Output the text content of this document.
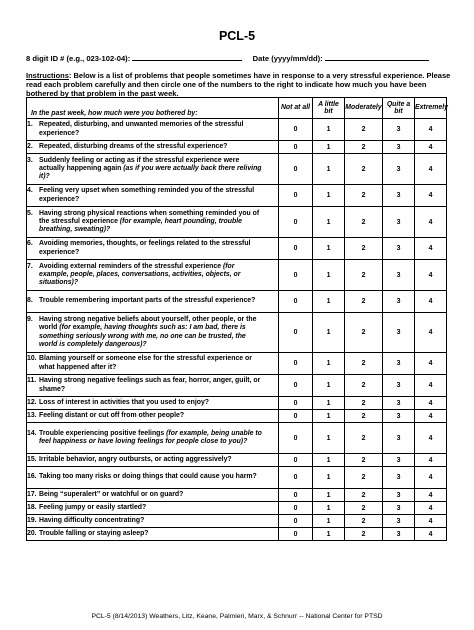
PCL-5
8 digit ID # (e.g., 023-102-04):	Date (yyyy/mm/dd):
Instructions: Below is a list of problems that people sometimes have in response to a very stressful experience. Please read each problem carefully and then circle one of the numbers to the right to indicate how much you have been bothered by that problem in the past week.
In the past week, how much were you bothered by:	Not at all	A little bit	Moderately	Quite a bit	Extremely
1. Repeated, disturbing, and unwanted memories of the stressful experience?	0	1	2	3	4
2. Repeated, disturbing dreams of the stressful experience?	0	1	2	3	4
3. Suddenly feeling or acting as if the stressful experience were actually happening again (as if you were actually back there reliving it)?	0	1	2	3	4
4. Feeling very upset when something reminded you of the stressful experience?	0	1	2	3	4
5. Having strong physical reactions when something reminded you of the stressful experience (for example, heart pounding, trouble breathing, sweating)?	0	1	2	3	4
6. Avoiding memories, thoughts, or feelings related to the stressful experience?	0	1	2	3	4
7. Avoiding external reminders of the stressful experience (for example, people, places, conversations, activities, objects, or situations)?	0	1	2	3	4
8. Trouble remembering important parts of the stressful experience?	0	1	2	3	4
9. Having strong negative beliefs about yourself, other people, or the world (for example, having thoughts such as: I am bad, there is something seriously wrong with me, no one can be trusted, the world is completely dangerous)?	0	1	2	3	4
10. Blaming yourself or someone else for the stressful experience or what happened after it?	0	1	2	3	4
11. Having strong negative feelings such as fear, horror, anger, guilt, or shame?	0	1	2	3	4
12. Loss of interest in activities that you used to enjoy?	0	1	2	3	4
13. Feeling distant or cut off from other people?	0	1	2	3	4
14. Trouble experiencing positive feelings (for example, being unable to feel happiness or have loving feelings for people close to you)?	0	1	2	3	4
15. Irritable behavior, angry outbursts, or acting aggressively?	0	1	2	3	4
16. Taking too many risks or doing things that could cause you harm?	0	1	2	3	4
17. Being “superalert” or watchful or on guard?	0	1	2	3	4
18. Feeling jumpy or easily startled?	0	1	2	3	4
19. Having difficulty concentrating?	0	1	2	3	4
20. Trouble falling or staying asleep?	0	1	2	3	4
PCL-5 (8/14/2013) Weathers, Litz, Keane, Palmieri, Marx, & Schnurr -- National Center for PTSD
